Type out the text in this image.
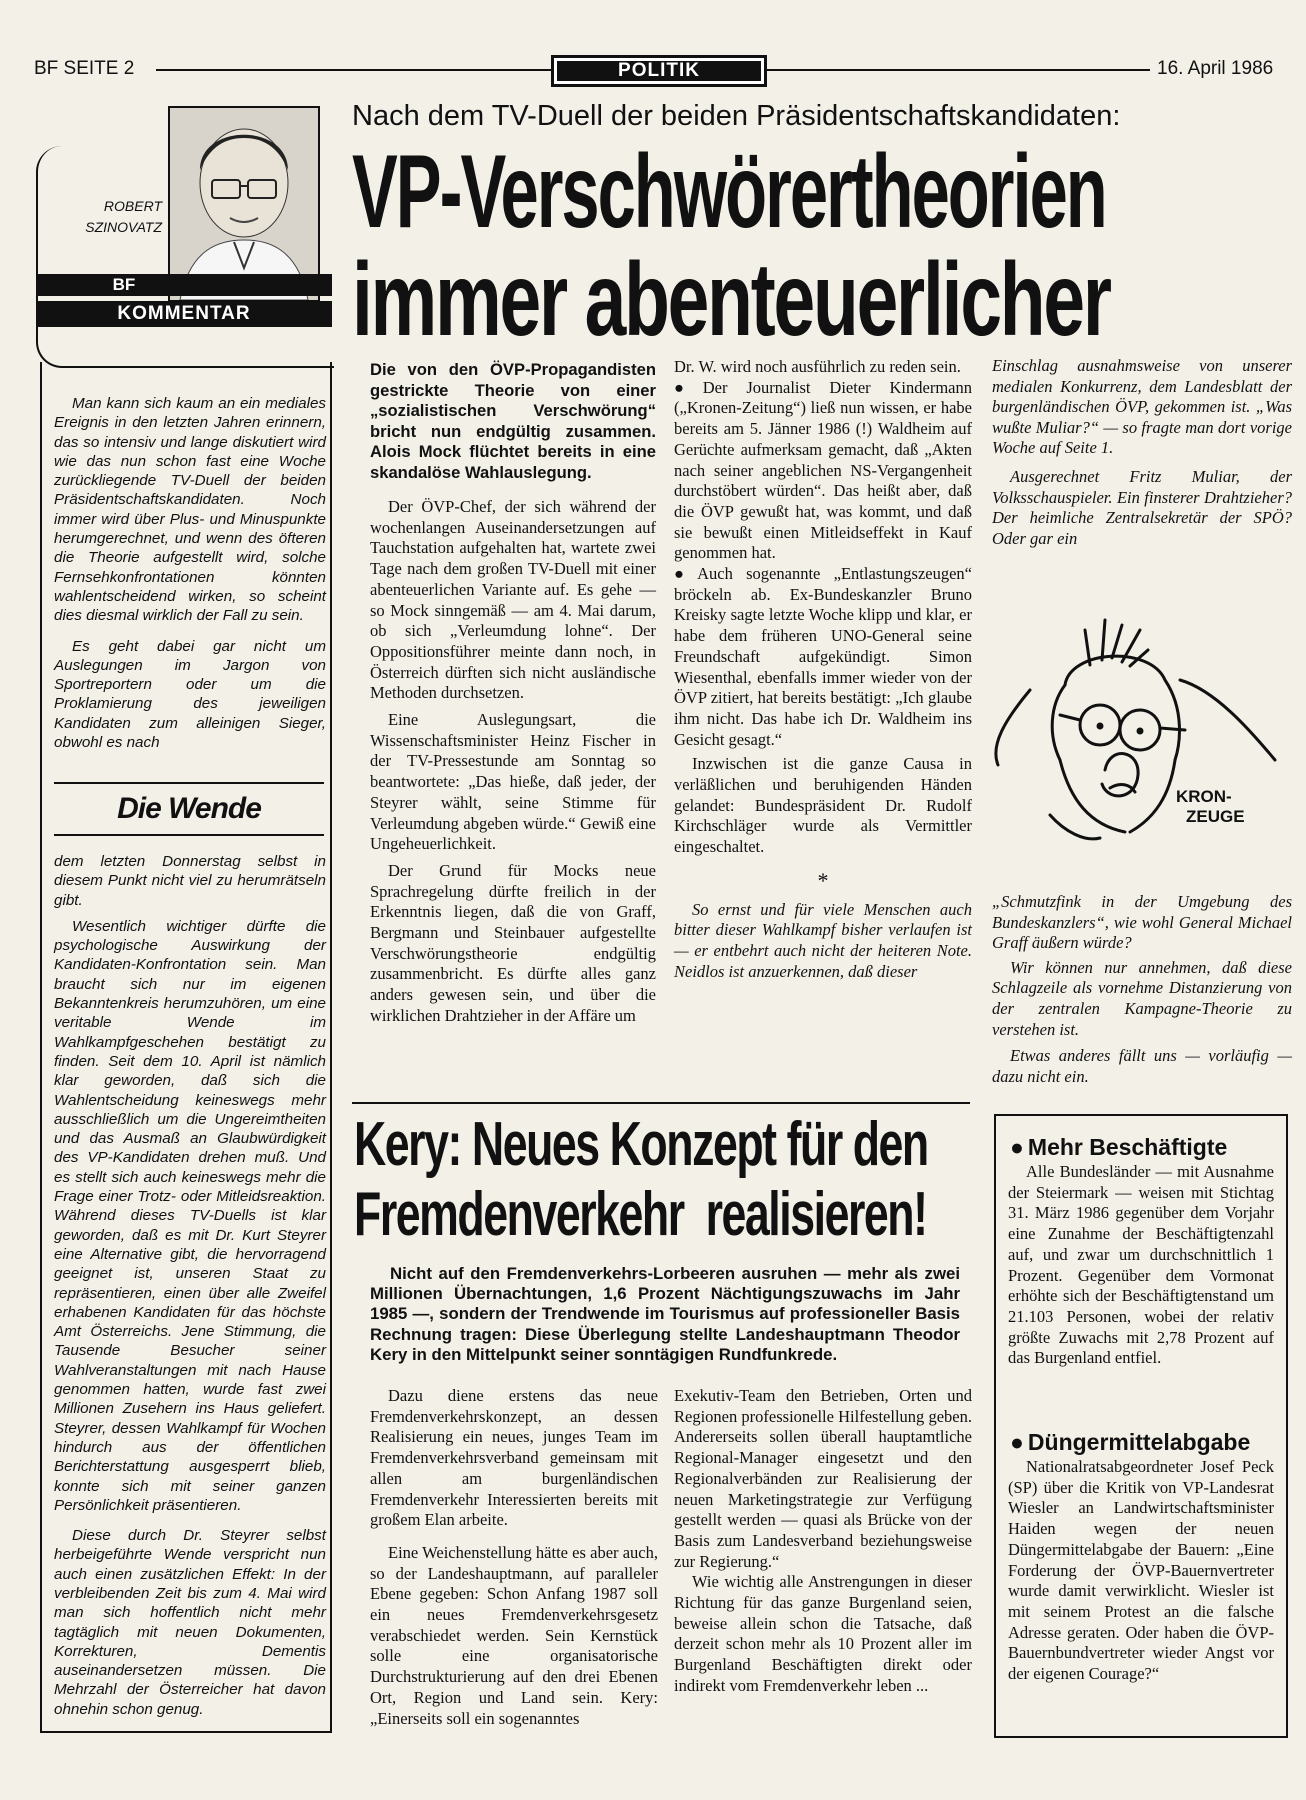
BF SEITE 2	POLITIK	16. April 1986
ROBERT
SZINOVATZ
BF
KOMMENTAR

Man kann sich kaum an ein mediales Ereignis in den letzten Jahren erinnern, das so intensiv und lange diskutiert wird wie das nun schon fast eine Woche zurückliegende TV-Duell der beiden Präsidentschaftskandidaten. Noch immer wird über Plus- und Minuspunkte herumgerechnet, und wenn des öfteren die Theorie aufgestellt wird, solche Fernsehkonfrontationen könnten wahlentscheidend wirken, so scheint dies diesmal wirklich der Fall zu sein.

Es geht dabei gar nicht um Auslegungen im Jargon von Sportreportern oder um die Proklamierung des jeweiligen Kandidaten zum alleinigen Sieger, obwohl es nach

Die Wende

dem letzten Donnerstag selbst in diesem Punkt nicht viel zu herumrätseln gibt.

Wesentlich wichtiger dürfte die psychologische Auswirkung der Kandidaten-Konfrontation sein. Man braucht sich nur im eigenen Bekanntenkreis herumzuhören, um eine veritable Wende im Wahlkampfgeschehen bestätigt zu finden. Seit dem 10. April ist nämlich klar geworden, daß sich die Wahlentscheidung keineswegs mehr ausschließlich um die Ungereimtheiten und das Ausmaß an Glaubwürdigkeit des VP-Kandidaten drehen muß. Und es stellt sich auch keineswegs mehr die Frage einer Trotz- oder Mitleidsreaktion. Während dieses TV-Duells ist klar geworden, daß es mit Dr. Kurt Steyrer eine Alternative gibt, die hervorragend geeignet ist, unseren Staat zu repräsentieren, einen über alle Zweifel erhabenen Kandidaten für das höchste Amt Österreichs. Jene Stimmung, die Tausende Besucher seiner Wahlveranstaltungen mit nach Hause genommen hatten, wurde fast zwei Millionen Zusehern ins Haus geliefert. Steyrer, dessen Wahlkampf für Wochen hindurch aus der öffentlichen Berichterstattung ausgesperrt blieb, konnte sich mit seiner ganzen Persönlichkeit präsentieren.

Diese durch Dr. Steyrer selbst herbeigeführte Wende verspricht nun auch einen zusätzlichen Effekt: In der verbleibenden Zeit bis zum 4. Mai wird man sich hoffentlich nicht mehr tagtäglich mit neuen Dokumenten, Korrekturen, Dementis auseinandersetzen müssen. Die Mehrzahl der Österreicher hat davon ohnehin schon genug.

Nach dem TV-Duell der beiden Präsidentschaftskandidaten:
VP-Verschwörertheorien
immer abenteuerlicher

Die von den ÖVP-Propagandisten gestrickte Theorie von einer „sozialistischen Verschwörung“ bricht nun endgültig zusammen. Alois Mock flüchtet bereits in eine skandalöse Wahlauslegung.

Der ÖVP-Chef, der sich während der wochenlangen Auseinandersetzungen auf Tauchstation aufgehalten hat, wartete zwei Tage nach dem großen TV-Duell mit einer abenteuerlichen Variante auf. Es gehe — so Mock sinngemäß — am 4. Mai darum, ob sich „Verleumdung lohne“. Der Oppositionsführer meinte dann noch, in Österreich dürften sich nicht ausländische Methoden durchsetzen.

Eine Auslegungsart, die Wissenschaftsminister Heinz Fischer in der TV-Pressestunde am Sonntag so beantwortete: „Das hieße, daß jeder, der Steyrer wählt, seine Stimme für Verleumdung abgeben würde.“ Gewiß eine Ungeheuerlichkeit.

Der Grund für Mocks neue Sprachregelung dürfte freilich in der Erkenntnis liegen, daß die von Graff, Bergmann und Steinbauer aufgestellte Verschwörungstheorie endgültig zusammenbricht. Es dürfte alles ganz anders gewesen sein, und über die wirklichen Drahtzieher in der Affäre um

Dr. W. wird noch ausführlich zu reden sein.

● Der Journalist Dieter Kindermann („Kronen-Zeitung“) ließ nun wissen, er habe bereits am 5. Jänner 1986 (!) Waldheim auf Gerüchte aufmerksam gemacht, daß „Akten nach seiner angeblichen NS-Vergangenheit durchstöbert würden“. Das heißt aber, daß die ÖVP gewußt hat, was kommt, und daß sie bewußt einen Mitleidseffekt in Kauf genommen hat.

● Auch sogenannte „Entlastungszeugen“ bröckeln ab. Ex-Bundeskanzler Bruno Kreisky sagte letzte Woche klipp und klar, er habe dem früheren UNO-General seine Freundschaft aufgekündigt. Simon Wiesenthal, ebenfalls immer wieder von der ÖVP zitiert, hat bereits bestätigt: „Ich glaube ihm nicht. Das habe ich Dr. Waldheim ins Gesicht gesagt.“

Inzwischen ist die ganze Causa in verläßlichen und beruhigenden Händen gelandet: Bundespräsident Dr. Rudolf Kirchschläger wurde als Vermittler eingeschaltet.

*

So ernst und für viele Menschen auch bitter dieser Wahlkampf bisher verlaufen ist — er entbehrt auch nicht der heiteren Note. Neidlos ist anzuerkennen, daß dieser

Einschlag ausnahmsweise von unserer medialen Konkurrenz, dem Landesblatt der burgenländischen ÖVP, gekommen ist. „Was wußte Muliar?“ — so fragte man dort vorige Woche auf Seite 1.

Ausgerechnet Fritz Muliar, der Volksschauspieler. Ein finsterer Drahtzieher? Der heimliche Zentralsekretär der SPÖ? Oder gar ein

KRON-ZEUGE

„Schmutzfink in der Umgebung des Bundeskanzlers“, wie wohl General Michael Graff äußern würde?

Wir können nur annehmen, daß diese Schlagzeile als vornehme Distanzierung von der zentralen Kampagne-Theorie zu verstehen ist.

Etwas anderes fällt uns — vorläufig — dazu nicht ein.

Kery: Neues Konzept für den
Fremdenverkehr  realisieren!

Nicht auf den Fremdenverkehrs-Lorbeeren ausruhen — mehr als zwei Millionen Übernachtungen, 1,6 Prozent Nächtigungszuwachs im Jahr 1985 —, sondern der Trendwende im Tourismus auf professioneller Basis Rechnung tragen: Diese Überlegung stellte Landeshauptmann Theodor Kery in den Mittelpunkt seiner sonntägigen Rundfunkrede.

Dazu diene erstens das neue Fremdenverkehrskonzept, an dessen Realisierung ein neues, junges Team im Fremdenverkehrsverband gemeinsam mit allen am burgenländischen Fremdenverkehr Interessierten bereits mit großem Elan arbeite.

Eine Weichenstellung hätte es aber auch, so der Landeshauptmann, auf paralleler Ebene gegeben: Schon Anfang 1987 soll ein neues Fremdenverkehrsgesetz verabschiedet werden. Sein Kernstück solle eine organisatorische Durchstrukturierung auf den drei Ebenen Ort, Region und Land sein. Kery: „Einerseits soll ein sogenanntes

Exekutiv-Team den Betrieben, Orten und Regionen professionelle Hilfestellung geben. Andererseits sollen überall hauptamtliche Regional-Manager eingesetzt und den Regionalverbänden zur Realisierung der neuen Marketingstrategie zur Verfügung gestellt werden — quasi als Brücke von der Basis zum Landesverband beziehungsweise zur Regierung.“

Wie wichtig alle Anstrengungen in dieser Richtung für das ganze Burgenland seien, beweise allein schon die Tatsache, daß derzeit schon mehr als 10 Prozent aller im Burgenland Beschäftigten direkt oder indirekt vom Fremdenverkehr leben ...

● Mehr Beschäftigte

Alle Bundesländer — mit Ausnahme der Steiermark — weisen mit Stichtag 31. März 1986 gegenüber dem Vorjahr eine Zunahme der Beschäftigtenzahl auf, und zwar um durchschnittlich 1 Prozent. Gegenüber dem Vormonat erhöhte sich der Beschäftigtenstand um 21.103 Personen, wobei der relativ größte Zuwachs mit 2,78 Prozent auf das Burgenland entfiel.

● Düngermittelabgabe

Nationalratsabgeordneter Josef Peck (SP) über die Kritik von VP-Landesrat Wiesler an Landwirtschaftsminister Haiden wegen der neuen Düngermittelabgabe der Bauern: „Eine Forderung der ÖVP-Bauernvertreter wurde damit verwirklicht. Wiesler ist mit seinem Protest an die falsche Adresse geraten. Oder haben die ÖVP-Bauernbundvertreter wieder Angst vor der eigenen Courage?“
